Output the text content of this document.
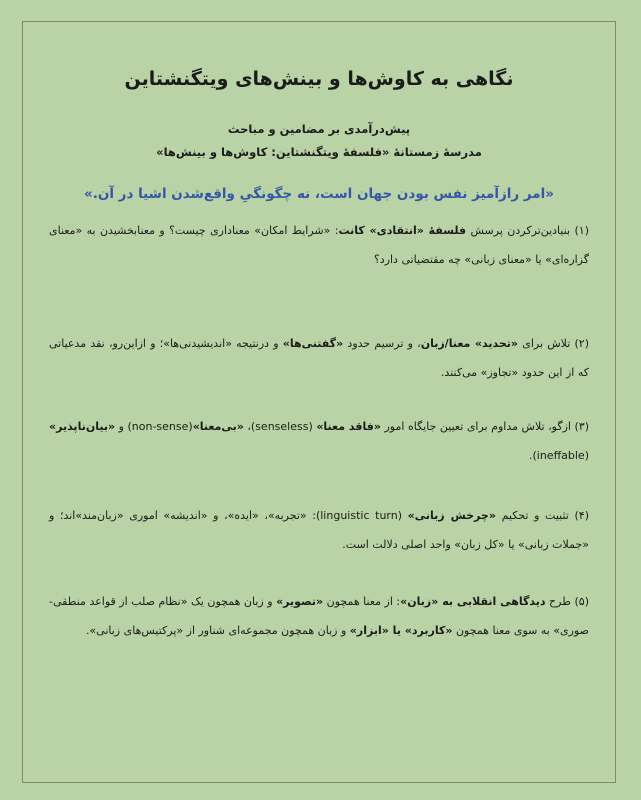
نگاهی به کاوش‌ها و بینش‌های ویتگنشتاین
پیش‌درآمدی بر مضامین و مباحث
مدرسهٔ زمستانهٔ «فلسفهٔ ویتگنشتاین: کاوش‌ها و بینش‌ها»
«امر رازآمیز نفس بودن جهان است، نه چگونگیِ واقع‌شدن اشیا در آن.»
(۱) بنیادین‌ترکردن پرسش فلسفهٔ «انتقادی» کانت: «شرایط امکان» معناداری چیست؟ و معنابخشیدن به «معنای گزاره‌ای» یا «معنای زبانی» چه مقتضیاتی دارد؟
(۲) تلاش برای «تحدید» معنا/زبان، و ترسیم حدود «گفتنی‌ها» و درنتیجه «اندیشیدنی‌ها»؛ و ازاین‌رو، نقد مدعیاتی که از این حدود «تجاوز» می‌کنند.
(۳) ازگو، تلاش مداوم برای تعیین جایگاه امور «فاقد معنا» (senseless)، «بی‌معنا»(non-sense) و «بیان‌ناپذیر» (ineffable).
(۴) تثبیت و تحکیم «چرخش زبانی» (linguistic turn): «تجربه»، «ایده»، و «اندیشه» اموری «زبان‌مند»اند؛ و «جملات زبانی» یا «کل زبان» واحد اصلی دلالت است.
(۵) طرح دیدگاهی انقلابی به «زبان»: از معنا همچون «تصویر» و زبان همچون یک «نظام صلب از قواعد منطقی-صوری» به سوی معنا همچون «کاربرد» یا «ابزار» و زبان همچون مجموعه‌ای شناور از «پرکتیس‌های زبانی».
